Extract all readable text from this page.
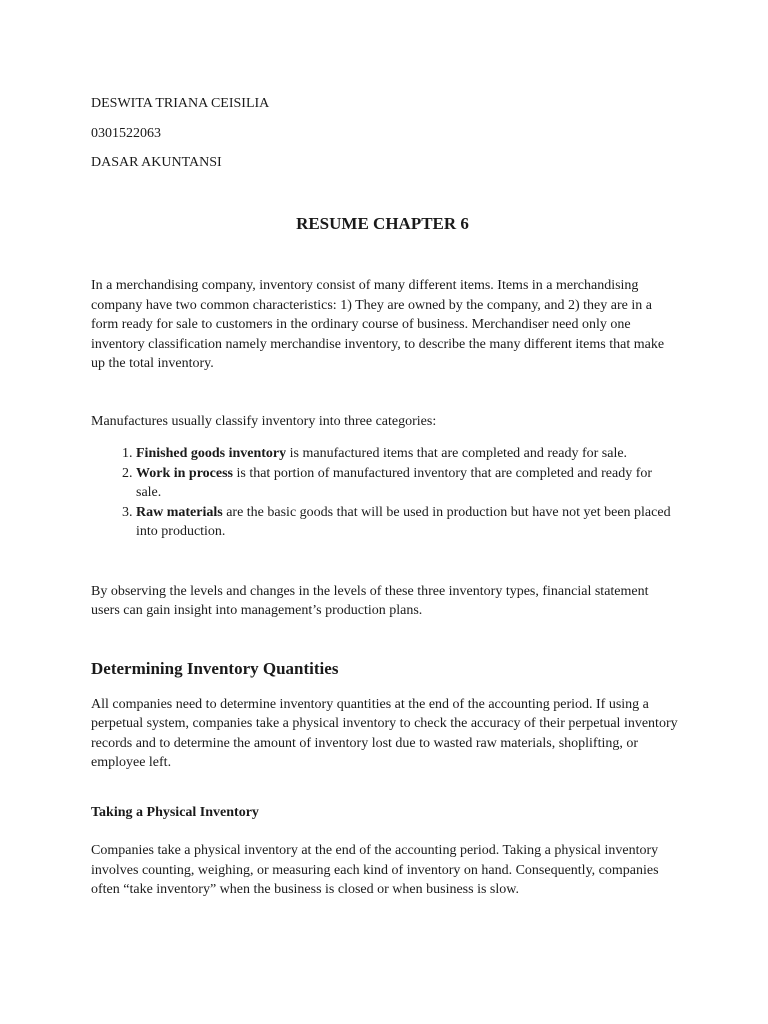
DESWITA TRIANA CEISILIA

0301522063

DASAR AKUNTANSI

RESUME CHAPTER 6

In a merchandising company, inventory consist of many different items. Items in a merchandising company have two common characteristics: 1) They are owned by the company, and 2) they are in a form ready for sale to customers in the ordinary course of business. Merchandiser need only one inventory classification namely merchandise inventory, to describe the many different items that make up the total inventory.

Manufactures usually classify inventory into three categories:

1. Finished goods inventory is manufactured items that are completed and ready for sale.
2. Work in process is that portion of manufactured inventory that are completed and ready for sale.
3. Raw materials are the basic goods that will be used in production but have not yet been placed into production.

By observing the levels and changes in the levels of these three inventory types, financial statement users can gain insight into management’s production plans.

Determining Inventory Quantities

All companies need to determine inventory quantities at the end of the accounting period. If using a perpetual system, companies take a physical inventory to check the accuracy of their perpetual inventory records and to determine the amount of inventory lost due to wasted raw materials, shoplifting, or employee left.

Taking a Physical Inventory

Companies take a physical inventory at the end of the accounting period. Taking a physical inventory involves counting, weighing, or measuring each kind of inventory on hand. Consequently, companies often “take inventory” when the business is closed or when business is slow.
